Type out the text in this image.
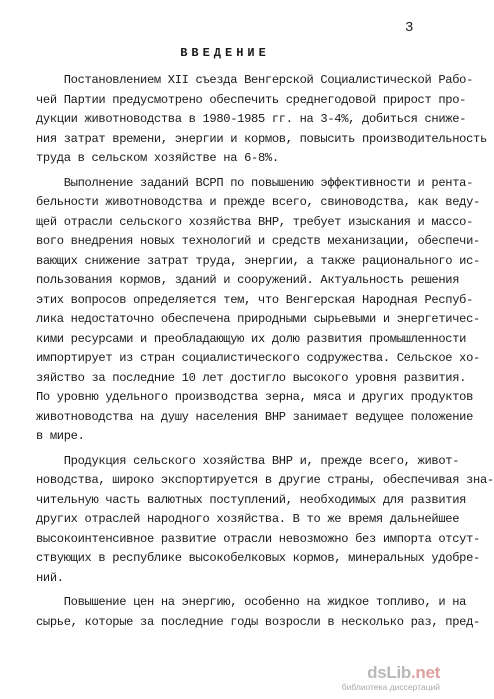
3
ВВЕДЕНИЕ
Постановлением XII съезда Венгерской Социалистической Рабо-
чей Партии предусмотрено обеспечить среднегодовой прирост про-
дукции животноводства в 1980-1985 гг. на 3-4%, добиться сниже-
ния затрат времени, энергии и кормов, повысить производительность
труда в сельском хозяйстве на 6-8%.
Выполнение заданий ВСРП по повышению эффективности и рента-
бельности животноводства и прежде всего, свиноводства, как веду-
щей отрасли сельского хозяйства ВНР, требует изыскания и массо-
вого внедрения новых технологий и средств механизации, обеспечи-
вающих снижение затрат труда, энергии, а также рационального ис-
пользования кормов, зданий и сооружений. Актуальность решения
этих вопросов определяется тем, что Венгерская Народная Респуб-
лика недостаточно обеспечена природными сырьевыми и энергетичес-
кими ресурсами и преобладающую их долю развития промышленности
импортирует из стран социалистического содружества. Сельское хо-
зяйство за последние 10 лет достигло высокого уровня развития.
По уровню удельного производства зерна, мяса и других продуктов
животноводства на душу населения ВНР занимает ведущее положение
в мире.
Продукция сельского хозяйства ВНР и, прежде всего, живот-
новодства, широко экспортируется в другие страны, обеспечивая зна-
чительную часть валютных поступлений, необходимых для развития
других отраслей народного хозяйства. В то же время дальнейшее
высокоинтенсивное развитие отрасли невозможно без импорта отсут-
ствующих в республике высокобелковых кормов, минеральных удобре-
ний.
Повышение цен на энергию, особенно на жидкое топливо, и на
сырье, которые за последние годы возросли в несколько раз, пред-
dsLib.net
библиотека диссертаций
